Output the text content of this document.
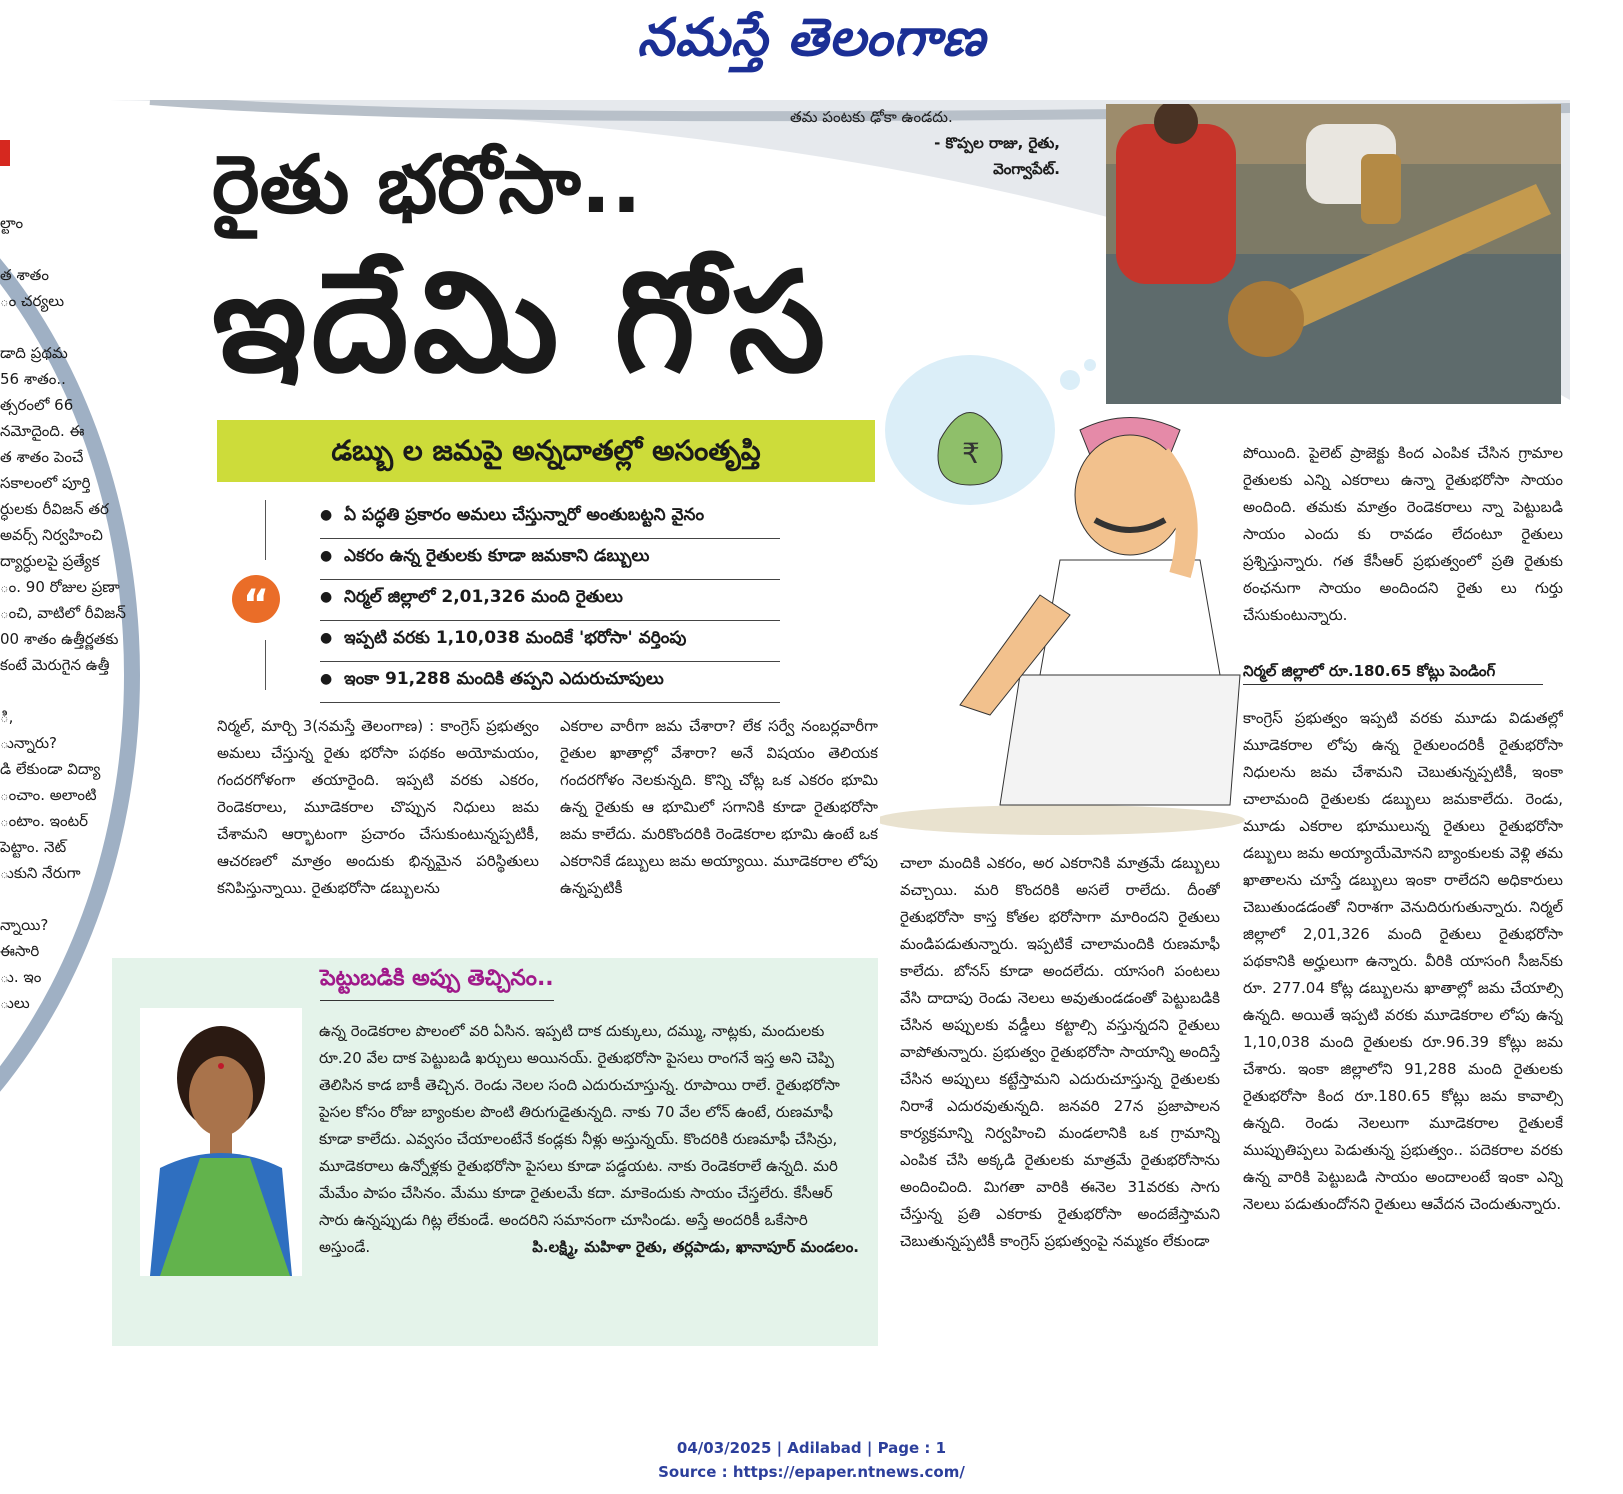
నమస్తే తెలంగాణ
ల్టాం

త శాతం
ం చర్యలు

డాది ప్రథమ
56 శాతం..
త్సరంలో 66
నమోదైంది. ఈ
త శాతం పెంచే
సకాలంలో పూర్తి
ర్ధులకు రీవిజన్ తర
అవర్స్ నిర్వహించి
ద్యార్ధులపై ప్రత్యేక
ం. 90 రోజుల ప్రణా
ంచి, వాటిలో రీవిజన్
00 శాతం ఉత్తీర్ణతకు
కంటే మెరుగైన ఉత్తీ

ి,
ున్నారు?
డి లేకుండా విద్యా
ంచాం. అలాంటి
ంటాం. ఇంటర్
పెట్టాం. నెట్
ుకుని నేరుగా

న్నాయి?
ఈసారి
ు. ఇం
ులు
రైతు భరోసా..
ఇదేమి గోస
డబ్బు ల జమపై అన్నదాతల్లో అసంతృప్తి
తమ పంటకు ఢోకా ఉండదు.
- కొప్పల రాజు, రైతు,
వెంగ్వాపేట్.
₹
“
● ఏ పద్ధతి ప్రకారం అమలు చేస్తున్నారో అంతుబట్టని వైనం
● ఎకరం ఉన్న రైతులకు కూడా జమకాని డబ్బులు
● నిర్మల్ జిల్లాలో 2,01,326 మంది రైతులు
● ఇప్పటి వరకు 1,10,038 మందికే 'భరోసా' వర్తింపు
● ఇంకా 91,288 మందికి తప్పని ఎదురుచూపులు
నిర్మల్, మార్చి 3(నమస్తే తెలంగాణ) : కాంగ్రెస్ ప్రభుత్వం అమలు చేస్తున్న రైతు భరోసా పథకం అయోమయం, గందరగోళంగా తయారైంది. ఇప్పటి వరకు ఎకరం, రెండెకరాలు, మూడెకరాల చొప్పున నిధులు జమ చేశామని ఆర్భాటంగా ప్రచారం చేసుకుంటున్నప్పటికీ, ఆచరణలో మాత్రం అందుకు భిన్నమైన పరిస్థితులు కనిపిస్తున్నాయి. రైతుభరోసా డబ్బులను
ఎకరాల వారీగా జమ చేశారా? లేక సర్వే నంబర్లవారీగా రైతుల ఖాతాల్లో వేశారా? అనే విషయం తెలియక గందరగోళం నెలకున్నది. కొన్ని చోట్ల ఒక ఎకరం భూమి ఉన్న రైతుకు ఆ భూమిలో సగానికి కూడా రైతుభరోసా జమ కాలేదు. మరికొందరికి రెండెకరాల భూమి ఉంటే ఒక ఎకరానికే డబ్బులు జమ అయ్యాయి. మూడెకరాల లోపు ఉన్నప్పటికీ
చాలా మందికి ఎకరం, అర ఎకరానికి మాత్రమే డబ్బులు వచ్చాయి. మరి కొందరికి అసలే రాలేదు. దీంతో రైతుభరోసా కాస్త కోతల భరోసాగా మారిందని రైతులు మండిపడుతున్నారు. ఇప్పటికే చాలామందికి రుణమాఫీ కాలేదు. బోనస్ కూడా అందలేదు. యాసంగి పంటలు వేసి దాదాపు రెండు నెలలు అవుతుండడంతో పెట్టుబడికి చేసిన అప్పులకు వడ్డీలు కట్టాల్సి వస్తున్నదని రైతులు వాపోతున్నారు. ప్రభుత్వం రైతుభరోసా సాయాన్ని అందిస్తే చేసిన అప్పులు కట్టేస్తామని ఎదురుచూస్తున్న రైతులకు నిరాశే ఎదురవుతున్నది. జనవరి 27న ప్రజాపాలన కార్యక్రమాన్ని నిర్వహించి మండలానికి ఒక గ్రామాన్ని ఎంపిక చేసి అక్కడి రైతులకు మాత్రమే రైతుభరోసాను అందించింది. మిగతా వారికి ఈనెల 31వరకు సాగు చేస్తున్న ప్రతి ఎకరాకు రైతుభరోసా అందజేస్తామని చెబుతున్నప్పటికీ కాంగ్రెస్ ప్రభుత్వంపై నమ్మకం లేకుండా
పోయింది. పైలెట్ ప్రాజెక్టు కింద ఎంపిక చేసిన గ్రామాల రైతులకు ఎన్ని ఎకరాలు ఉన్నా రైతుభరోసా సాయం అందింది. తమకు మాత్రం రెండెకరాలు న్నా పెట్టుబడి సాయం ఎందు కు రావడం లేదంటూ రైతులు ప్రశ్నిస్తున్నారు. గత కేసీఆర్ ప్రభుత్వంలో ప్రతి రైతుకు ఠంఛనుగా సాయం అందిందని రైతు లు గుర్తు చేసుకుంటున్నారు.
నిర్మల్ జిల్లాలో రూ.180.65 కోట్లు పెండింగ్
కాంగ్రెస్ ప్రభుత్వం ఇప్పటి వరకు మూడు విడుతల్లో మూడెకరాల లోపు ఉన్న రైతులందరికీ రైతుభరోసా నిధులను జమ చేశామని చెబుతున్నప్పటికీ, ఇంకా చాలామంది రైతులకు డబ్బులు జమకాలేదు. రెండు, మూడు ఎకరాల భూములున్న రైతులు రైతుభరోసా డబ్బులు జమ అయ్యాయేమోనని బ్యాంకులకు వెళ్లి తమ ఖాతాలను చూస్తే డబ్బులు ఇంకా రాలేదని అధికారులు చెబుతుండడంతో నిరాశగా వెనుదిరుగుతున్నారు. నిర్మల్ జిల్లాలో 2,01,326 మంది రైతులు రైతుభరోసా పథకానికి అర్హులుగా ఉన్నారు. వీరికి యాసంగి సీజన్‌కు రూ. 277.04 కోట్ల డబ్బులను ఖాతాల్లో జమ చేయాల్సి ఉన్నది. అయితే ఇప్పటి వరకు మూడెకరాల లోపు ఉన్న 1,10,038 మంది రైతులకు రూ.96.39 కోట్లు జమ చేశారు. ఇంకా జిల్లాలోని 91,288 మంది రైతులకు రైతుభరోసా కింద రూ.180.65 కోట్లు జమ కావాల్సి ఉన్నది. రెండు నెలలుగా మూడెకరాల రైతులకే ముప్పుతిప్పలు పెడుతున్న ప్రభుత్వం.. పదెకరాల వరకు ఉన్న వారికి పెట్టుబడి సాయం అందాలంటే ఇంకా ఎన్ని నెలలు పడుతుందోనని రైతులు ఆవేదన చెందుతున్నారు.
పెట్టుబడికి అప్పు తెచ్చినం..
ఉన్న రెండెకరాల పొలంలో వరి ఏసిన. ఇప్పటి దాక దుక్కులు, దమ్ము, నాట్లకు, మందులకు రూ.20 వేల దాక పెట్టుబడి ఖర్చులు అయినయ్. రైతుభరోసా పైసలు రాంగనే ఇస్త అని చెప్పి తెలిసిన కాడ బాకీ తెచ్చిన. రెండు నెలల సంది ఎదురుచూస్తున్న. రూపాయి రాలే. రైతుభరోసా పైసల కోసం రోజు బ్యాంకుల పొంటి తిరుగుడైతున్నది. నాకు 70 వేల లోన్ ఉంటే, రుణమాఫీ కూడా కాలేదు. ఎవ్వసం చేయాలంటేనే కండ్లకు నీళ్లు అస్తున్నయ్. కొందరికి రుణమాఫీ చేసిన్రు, మూడెకరాలు ఉన్నోళ్లకు రైతుభరోసా పైసలు కూడా పడ్డయట. నాకు రెండెకరాలే ఉన్నది. మరి మేమేం పాపం చేసినం. మేము కూడా రైతులమే కదా. మాకెందుకు సాయం చేస్తలేరు. కేసీఆర్ సారు ఉన్నప్పుడు గిట్ల లేకుండే. అందరిని సమానంగా చూసిండు. అస్తే అందరికీ ఒకేసారి అస్తుండే.	పి.లక్ష్మి, మహిళా రైతు, తర్లపాడు, ఖానాపూర్ మండలం.
04/03/2025 | Adilabad | Page : 1
Source : https://epaper.ntnews.com/
